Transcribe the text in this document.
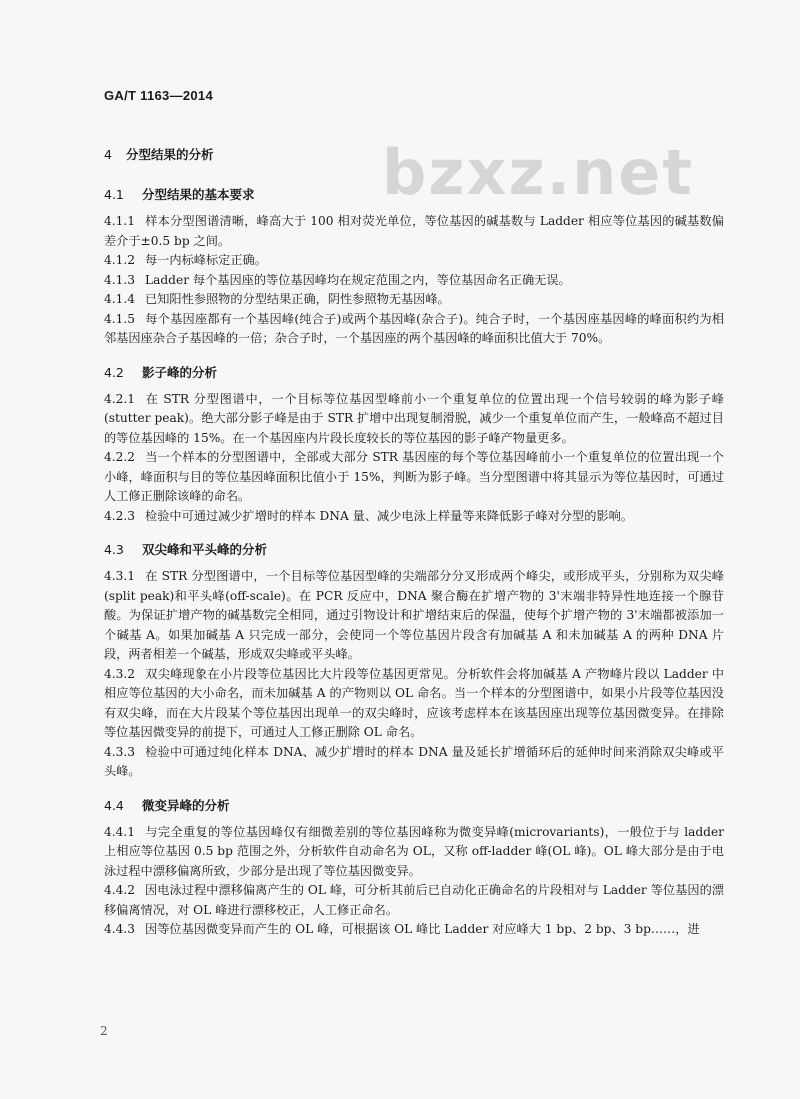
GA/T 1163—2014
bzxz.net

4 分型结果的分析

4.1 分型结果的基本要求

4.1.1 样本分型图谱清晰，峰高大于 100 相对荧光单位，等位基因的碱基数与 Ladder 相应等位基因的碱基数偏差介于±0.5 bp 之间。

4.1.2 每一内标峰标定正确。

4.1.3 Ladder 每个基因座的等位基因峰均在规定范围之内，等位基因命名正确无误。

4.1.4 已知阳性参照物的分型结果正确，阴性参照物无基因峰。

4.1.5 每个基因座都有一个基因峰(纯合子)或两个基因峰(杂合子)。纯合子时，一个基因座基因峰的峰面积约为相邻基因座杂合子基因峰的一倍；杂合子时，一个基因座的两个基因峰的峰面积比值大于 70%。

4.2 影子峰的分析

4.2.1 在 STR 分型图谱中，一个目标等位基因型峰前小一个重复单位的位置出现一个信号较弱的峰为影子峰(stutter peak)。绝大部分影子峰是由于 STR 扩增中出现复制滑脱，减少一个重复单位而产生，一般峰高不超过目的等位基因峰的 15%。在一个基因座内片段长度较长的等位基因的影子峰产物量更多。

4.2.2 当一个样本的分型图谱中，全部或大部分 STR 基因座的每个等位基因峰前小一个重复单位的位置出现一个小峰，峰面积与目的等位基因峰面积比值小于 15%，判断为影子峰。当分型图谱中将其显示为等位基因时，可通过人工修正删除该峰的命名。

4.2.3 检验中可通过减少扩增时的样本 DNA 量、减少电泳上样量等来降低影子峰对分型的影响。

4.3 双尖峰和平头峰的分析

4.3.1 在 STR 分型图谱中，一个目标等位基因型峰的尖端部分分叉形成两个峰尖，或形成平头，分别称为双尖峰(split peak)和平头峰(off-scale)。在 PCR 反应中，DNA 聚合酶在扩增产物的 3'末端非特异性地连接一个腺苷酸。为保证扩增产物的碱基数完全相同，通过引物设计和扩增结束后的保温，使每个扩增产物的 3'末端都被添加一个碱基 A。如果加碱基 A 只完成一部分，会使同一个等位基因片段含有加碱基 A 和未加碱基 A 的两种 DNA 片段，两者相差一个碱基，形成双尖峰或平头峰。

4.3.2 双尖峰现象在小片段等位基因比大片段等位基因更常见。分析软件会将加碱基 A 产物峰片段以 Ladder 中相应等位基因的大小命名，而未加碱基 A 的产物则以 OL 命名。当一个样本的分型图谱中，如果小片段等位基因没有双尖峰，而在大片段某个等位基因出现单一的双尖峰时，应该考虑样本在该基因座出现等位基因微变异。在排除等位基因微变异的前提下，可通过人工修正删除 OL 命名。

4.3.3 检验中可通过纯化样本 DNA、减少扩增时的样本 DNA 量及延长扩增循环后的延伸时间来消除双尖峰或平头峰。

4.4 微变异峰的分析

4.4.1 与完全重复的等位基因峰仅有细微差别的等位基因峰称为微变异峰(microvariants)，一般位于与 ladder 上相应等位基因 0.5 bp 范围之外，分析软件自动命名为 OL，又称 off-ladder 峰(OL 峰)。OL 峰大部分是由于电泳过程中漂移偏离所致，少部分是出现了等位基因微变异。

4.4.2 因电泳过程中漂移偏离产生的 OL 峰，可分析其前后已自动化正确命名的片段相对与 Ladder 等位基因的漂移偏离情况，对 OL 峰进行漂移校正，人工修正命名。

4.4.3 因等位基因微变异而产生的 OL 峰，可根据该 OL 峰比 Ladder 对应峰大 1 bp、2 bp、3 bp……，进

2
